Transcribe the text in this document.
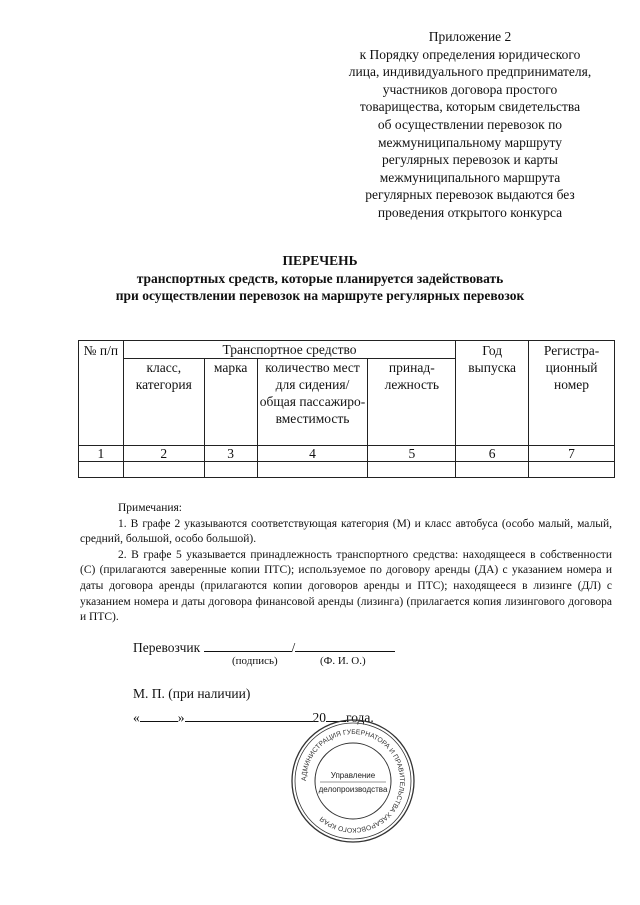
Приложение 2
к Порядку определения юридического
лица, индивидуального предпринимателя,
участников договора простого
товарищества, которым свидетельства
об осуществлении перевозок по
межмуниципальному маршруту
регулярных перевозок и карты
межмуниципального маршрута
регулярных перевозок выдаются без
проведения открытого конкурса
ПЕРЕЧЕНЬ
транспортных средств, которые планируется задействовать
при осуществлении перевозок на маршруте регулярных перевозок
№ п/п	Транспортное средство				Год выпуска	Регистра-ционный номер
	класс, категория	марка	количество мест для сидения/общая пассажиро-вместимость	принад-лежность		
1	2	3	4	5	6	7

Примечания:

1. В графе 2 указываются соответствующая категория (М) и класс автобуса (особо малый, малый, средний, большой, особо большой).

2. В графе 5 указывается принадлежность транспортного средства: находящееся в собственности (С) (прилагаются заверенные копии ПТС); используемое по договору аренды (ДА) с указанием номера и даты договора аренды (прилагаются копии договоров аренды и ПТС); находящееся в лизинге (ДЛ) с указанием номера и даты договора финансовой аренды (лизинга) (прилагается копия лизингового договора и ПТС).

Перевозчик	/
(подпись)	(Ф. И. О.)
М. П. (при наличии)
«	»	20 года.
АДМИНИСТРАЦИЯ ГУБЕРНАТОРА И ПРАВИТЕЛЬСТВА ХАБАРОВСКОГО КРАЯ
Управление
делопроизводства
